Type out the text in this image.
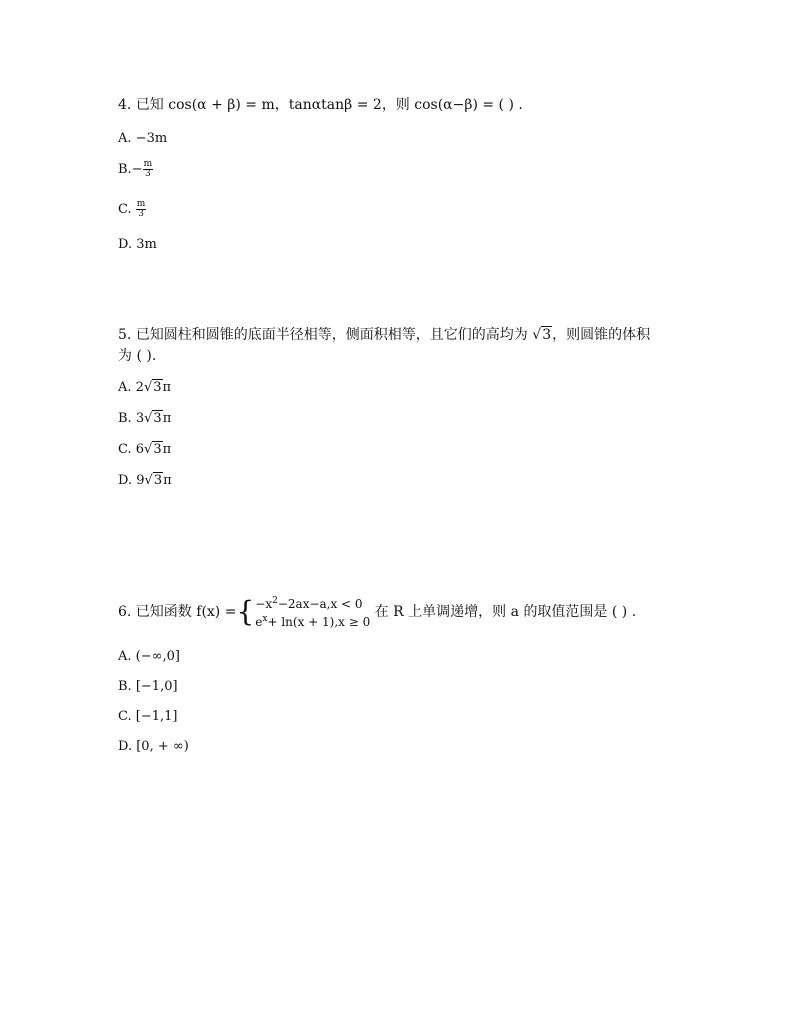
4. 已知 cos(α + β) = m，tanαtanβ = 2，则 cos(α−β) = ( ) .
A. −3m
$B.- \frac{m}{3}$
C. $\frac{m}{3}$
D. 3m
5. 已知圆柱和圆锥的底面半径相等，侧面积相等，且它们的高均为 √3，则圆锥的体积
为 ( ).
A. 2√3π
B. 3√3π
C. 6√3π
D. 9√3π
6. 已知函数 f(x) ={ $-x^2-2ax-a,x < 0$
$e^x+ \ln(x + 1),x \ge 0$
在 R 上单调递增，则 a 的取值范围是 ( ) .
A. (−∞,0]
B. [−1,0]
C. [−1,1]
D. [0, + ∞)
